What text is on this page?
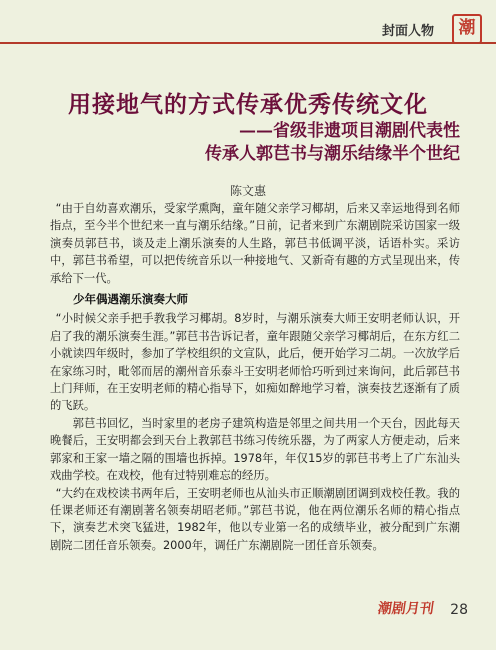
封面人物	潮
用接地气的方式传承优秀传统文化
——省级非遗项目潮剧代表性
传承人郭𦬊书与潮乐结缘半个世纪
陈文惠

“由于自幼喜欢潮乐，受家学熏陶，童年随父亲学习椰胡，后来又幸运地得到名师指点，至今半个世纪来一直与潮乐结缘。”日前，记者来到广东潮剧院采访国家一级演奏员郭𦬊书，谈及走上潮乐演奏的人生路，郭𦬊书低调平淡，话语朴实。采访中，郭𦬊书希望，可以把传统音乐以一种接地气、又新奇有趣的方式呈现出来，传承给下一代。

少年偶遇潮乐演奏大师

“小时候父亲手把手教我学习椰胡。8岁时，与潮乐演奏大师王安明老师认识，开启了我的潮乐演奏生涯。”郭𦬊书告诉记者，童年跟随父亲学习椰胡后，在东方红二小就读四年级时，参加了学校组织的文宣队，此后，便开始学习二胡。一次放学后在家练习时，毗邻而居的潮州音乐泰斗王安明老师恰巧听到过来询问，此后郭𦬊书上门拜师，在王安明老师的精心指导下，如痴如醉地学习着，演奏技艺逐渐有了质的飞跃。

郭𦬊书回忆，当时家里的老房子建筑构造是邻里之间共用一个天台，因此每天晚餐后，王安明都会到天台上教郭𦬊书练习传统乐器，为了两家人方便走动，后来郭家和王家一墙之隔的围墙也拆掉。1978年，年仅15岁的郭𦬊书考上了广东汕头戏曲学校。在戏校，他有过特别难忘的经历。

“大约在戏校读书两年后，王安明老师也从汕头市正顺潮剧团调到戏校任教。我的任课老师还有潮剧著名领奏胡昭老师。”郭𦬊书说，他在两位潮乐名师的精心指点下，演奏艺术突飞猛进，1982年，他以专业第一名的成绩毕业，被分配到广东潮剧院二团任音乐领奏。2000年，调任广东潮剧院一团任音乐领奏。

潮剧月刊 28
